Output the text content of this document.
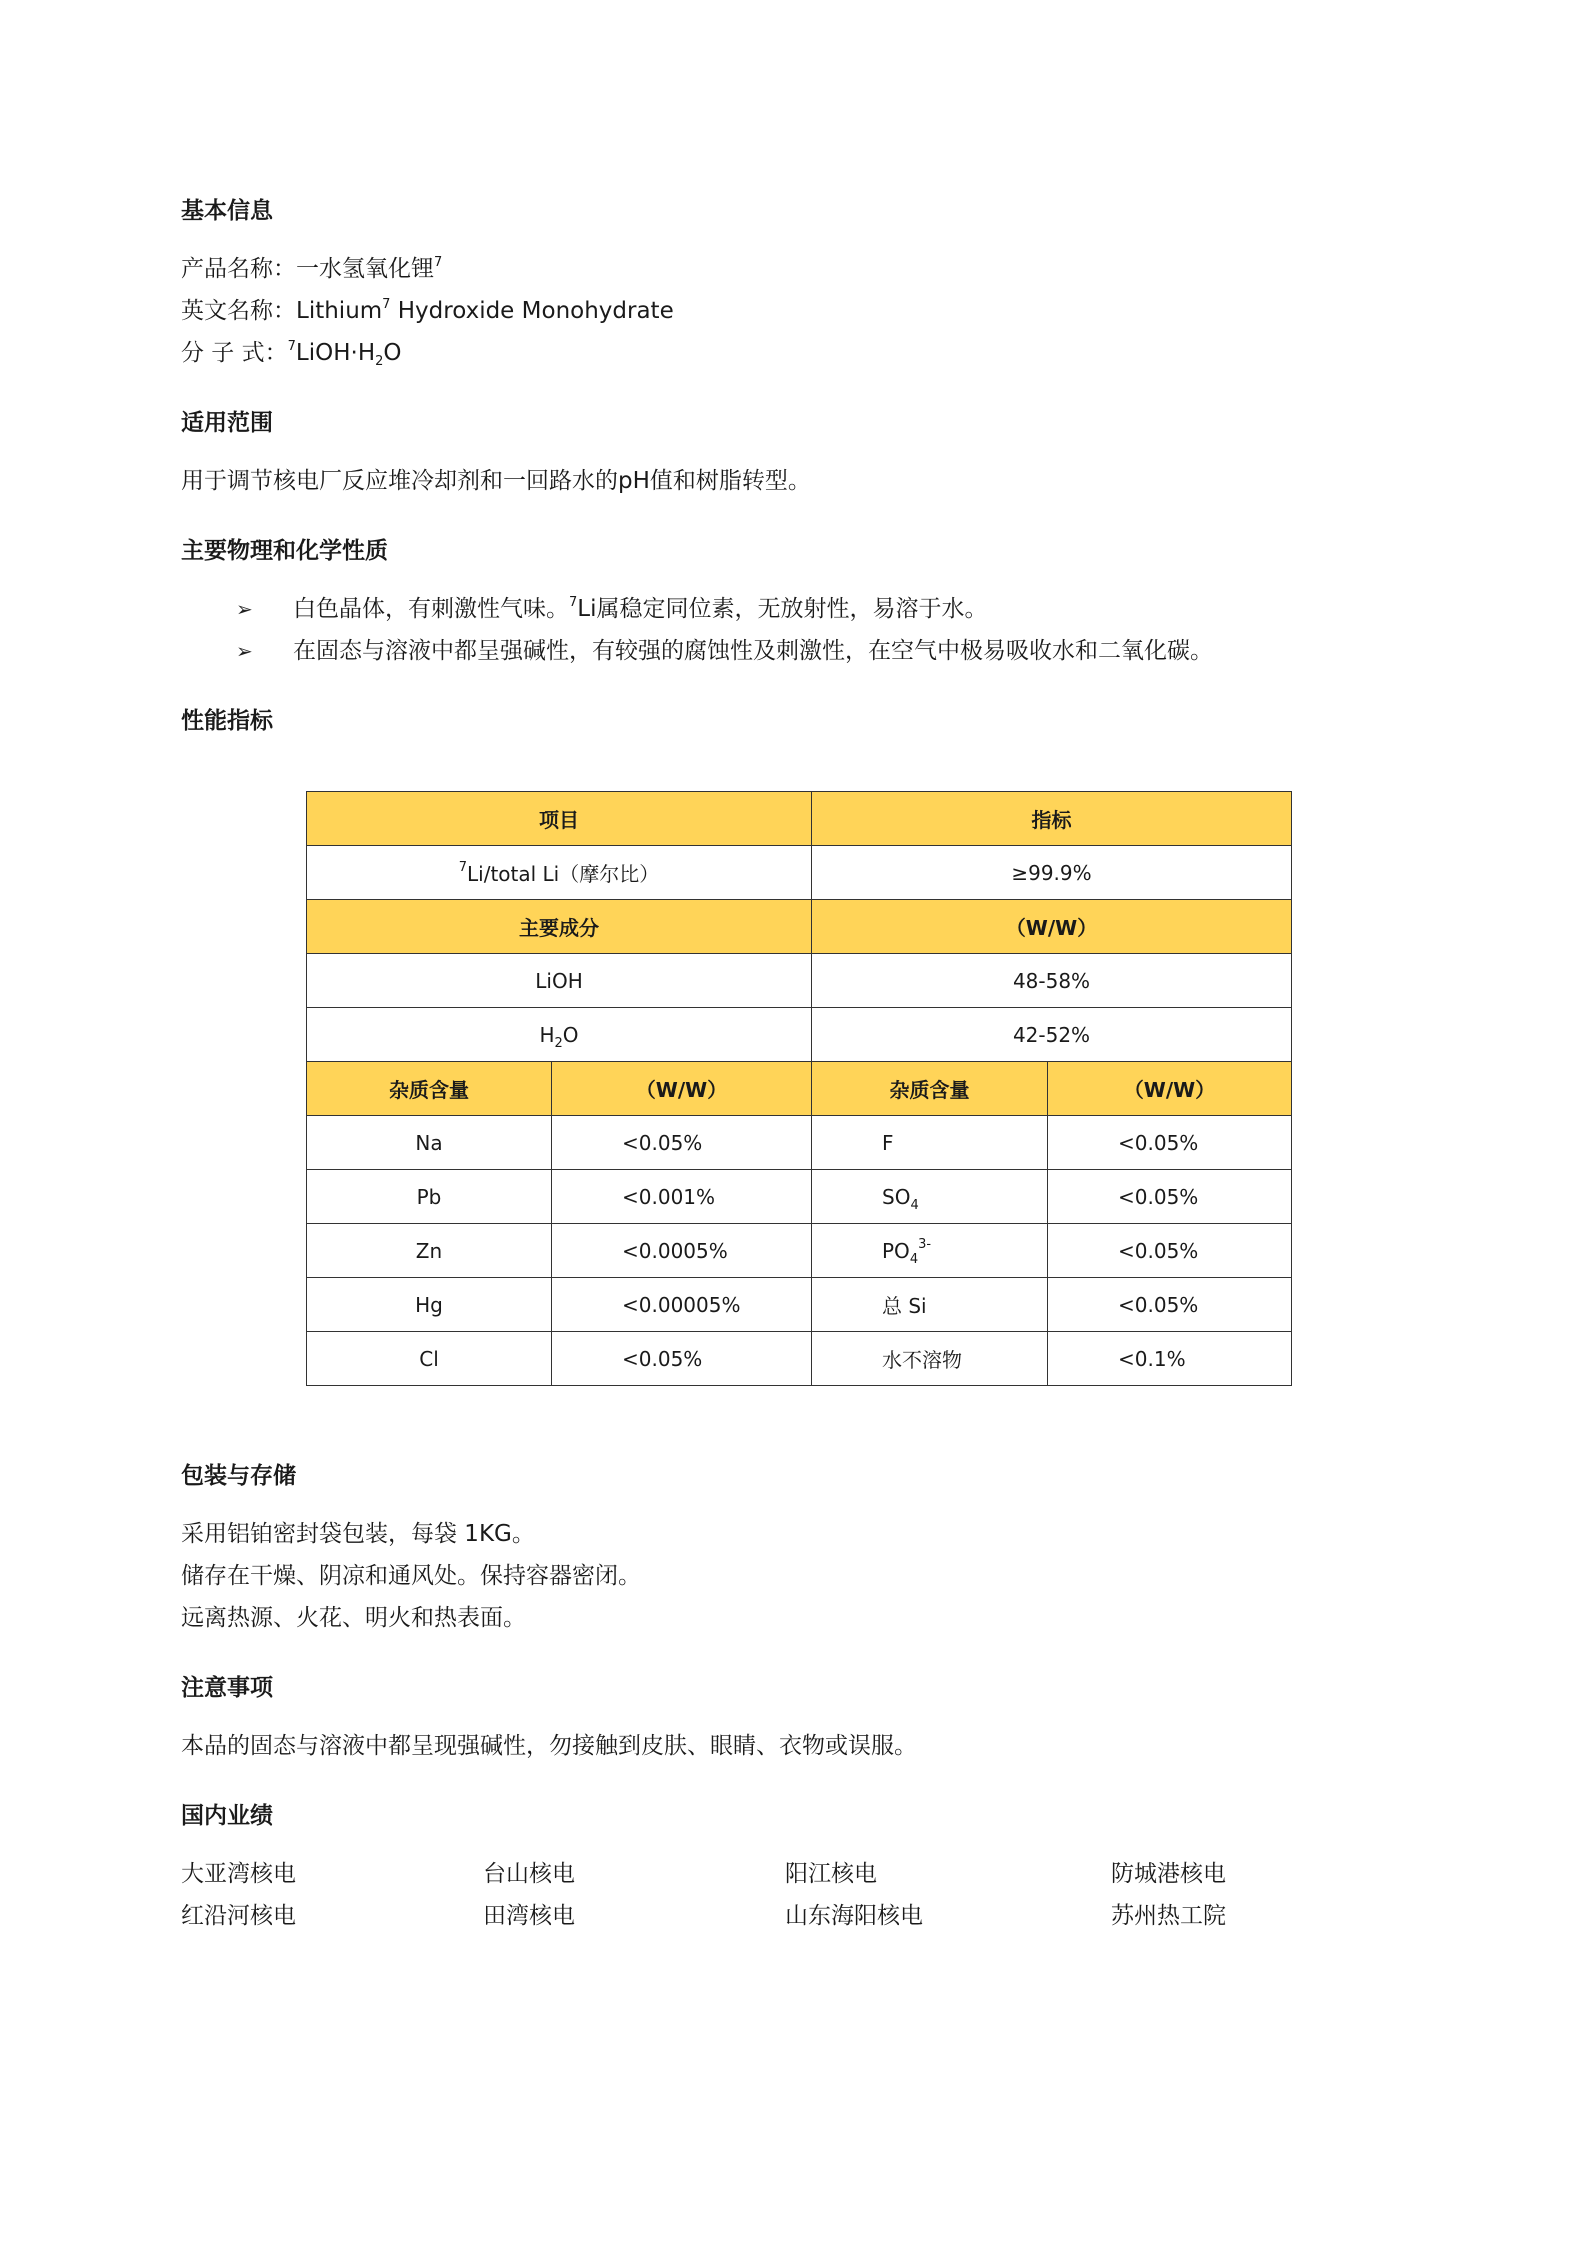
基本信息

产品名称：一水氢氧化锂$^7$

英文名称：Lithium$^7$ Hydroxide Monohydrate

分 子 式：$^7LiOH\cdot H_2O$

适用范围

用于调节核电厂反应堆冷却剂和一回路水的pH值和树脂转型。

主要物理和化学性质
➢ 白色晶体，有刺激性气味。$^7$Li属稳定同位素，无放射性，易溶于水。
➢ 在固态与溶液中都呈强碱性，有较强的腐蚀性及刺激性，在空气中极易吸收水和二氧化碳。
性能指标
项目		指标	
$^7$Li/total Li（摩尔比）		≥99.9%	
主要成分		（W/W）	
LiOH		48-58%	
$H_2O$		42-52%	
杂质含量	（W/W）	杂质含量	（W/W）
Na	<0.05%	F	<0.05%
Pb	<0.001%	$SO_4$	<0.05%
Zn	<0.0005%	$PO_4^{3-}$	<0.05%
Hg	<0.00005%	总 Si	<0.05%
Cl	<0.05%	水不溶物	<0.1%
包装与存储

采用铝铂密封袋包装，每袋 1KG。

储存在干燥、阴凉和通风处。保持容器密闭。

远离热源、火花、明火和热表面。

注意事项

本品的固态与溶液中都呈现强碱性，勿接触到皮肤、眼睛、衣物或误服。

国内业绩
大亚湾核电	台山核电	阳江核电	防城港核电
红沿河核电	田湾核电	山东海阳核电	苏州热工院
